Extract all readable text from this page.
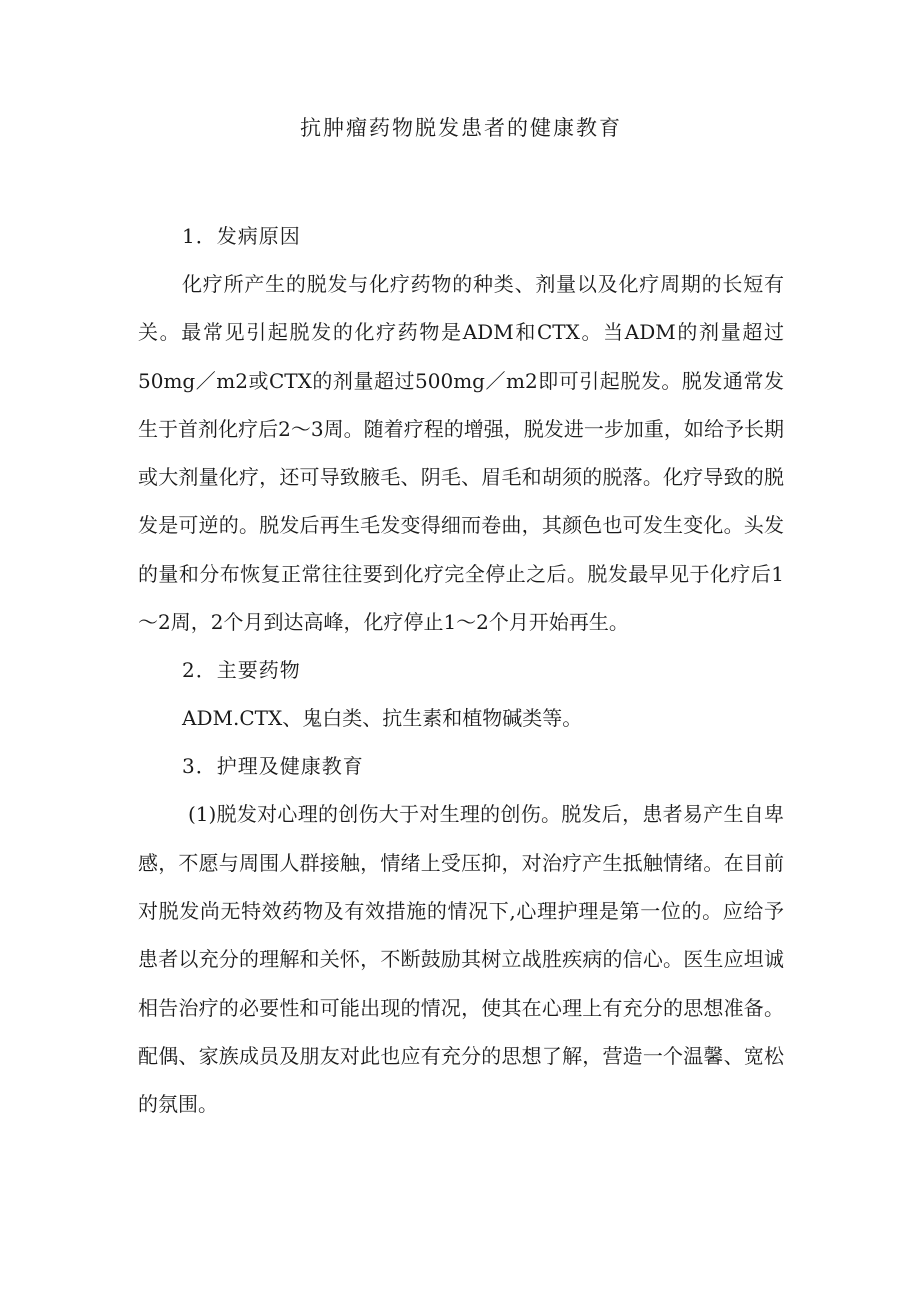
抗肿瘤药物脱发患者的健康教育

1．发病原因

化疗所产生的脱发与化疗药物的种类、剂量以及化疗周期的长短有关。最常见引起脱发的化疗药物是ADM和CTX。当ADM的剂量超过50mg／m2或CTX的剂量超过500mg／m2即可引起脱发。脱发通常发生于首剂化疗后2～3周。随着疗程的增强，脱发进一步加重，如给予长期或大剂量化疗，还可导致腋毛、阴毛、眉毛和胡须的脱落。化疗导致的脱发是可逆的。脱发后再生毛发变得细而卷曲，其颜色也可发生变化。头发的量和分布恢复正常往往要到化疗完全停止之后。脱发最早见于化疗后1～2周，2个月到达高峰，化疗停止1～2个月开始再生。

2．主要药物

ADM.CTX、鬼白类、抗生素和植物碱类等。

3．护理及健康教育

(1)脱发对心理的创伤大于对生理的创伤。脱发后，患者易产生自卑感，不愿与周围人群接触，情绪上受压抑，对治疗产生抵触情绪。在目前对脱发尚无特效药物及有效措施的情况下,心理护理是第一位的。应给予患者以充分的理解和关怀，不断鼓励其树立战胜疾病的信心。医生应坦诚相告治疗的必要性和可能出现的情况，使其在心理上有充分的思想准备。配偶、家族成员及朋友对此也应有充分的思想了解，营造一个温馨、宽松的氛围。
